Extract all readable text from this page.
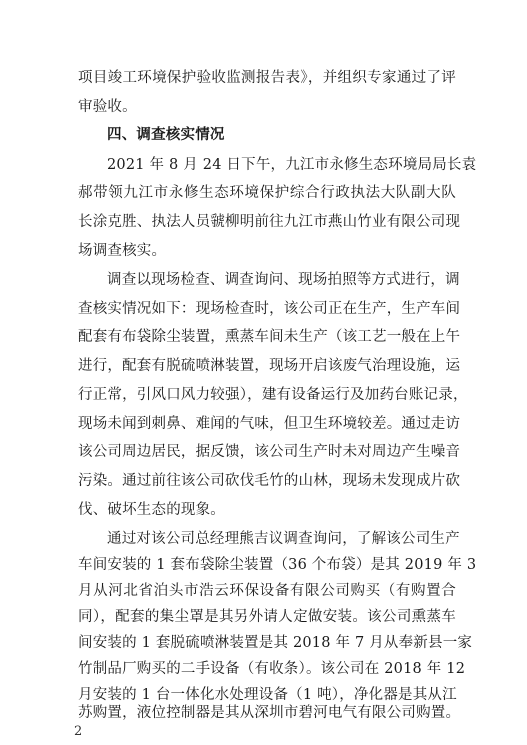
项目竣工环境保护验收监测报告表》，并组织专家通过了评
审验收。
四、调查核实情况
2021 年 8 月 24 日下午，九江市永修生态环境局局长袁
郝带领九江市永修生态环境保护综合行政执法大队副大队
长涂克胜、执法人员虢柳明前往九江市燕山竹业有限公司现
场调查核实。
调查以现场检查、调查询问、现场拍照等方式进行，调
查核实情况如下：现场检查时，该公司正在生产，生产车间
配套有布袋除尘装置，熏蒸车间未生产（该工艺一般在上午
进行，配套有脱硫喷淋装置，现场开启该废气治理设施，运
行正常，引风口风力较强），建有设备运行及加药台账记录，
现场未闻到刺鼻、难闻的气味，但卫生环境较差。通过走访
该公司周边居民，据反馈，该公司生产时未对周边产生噪音
污染。通过前往该公司砍伐毛竹的山林，现场未发现成片砍
伐、破坏生态的现象。
通过对该公司总经理熊吉议调查询问，了解该公司生产
车间安装的 1 套布袋除尘装置（36 个布袋）是其 2019 年 3
月从河北省泊头市浩云环保设备有限公司购买（有购置合
同），配套的集尘罩是其另外请人定做安装。该公司熏蒸车
间安装的 1 套脱硫喷淋装置是其 2018 年 7 月从奉新县一家
竹制品厂购买的二手设备（有收条）。该公司在 2018 年 12
月安装的 1 台一体化水处理设备（1 吨），净化器是其从江
2
苏购置，液位控制器是其从深圳市碧河电气有限公司购置。
